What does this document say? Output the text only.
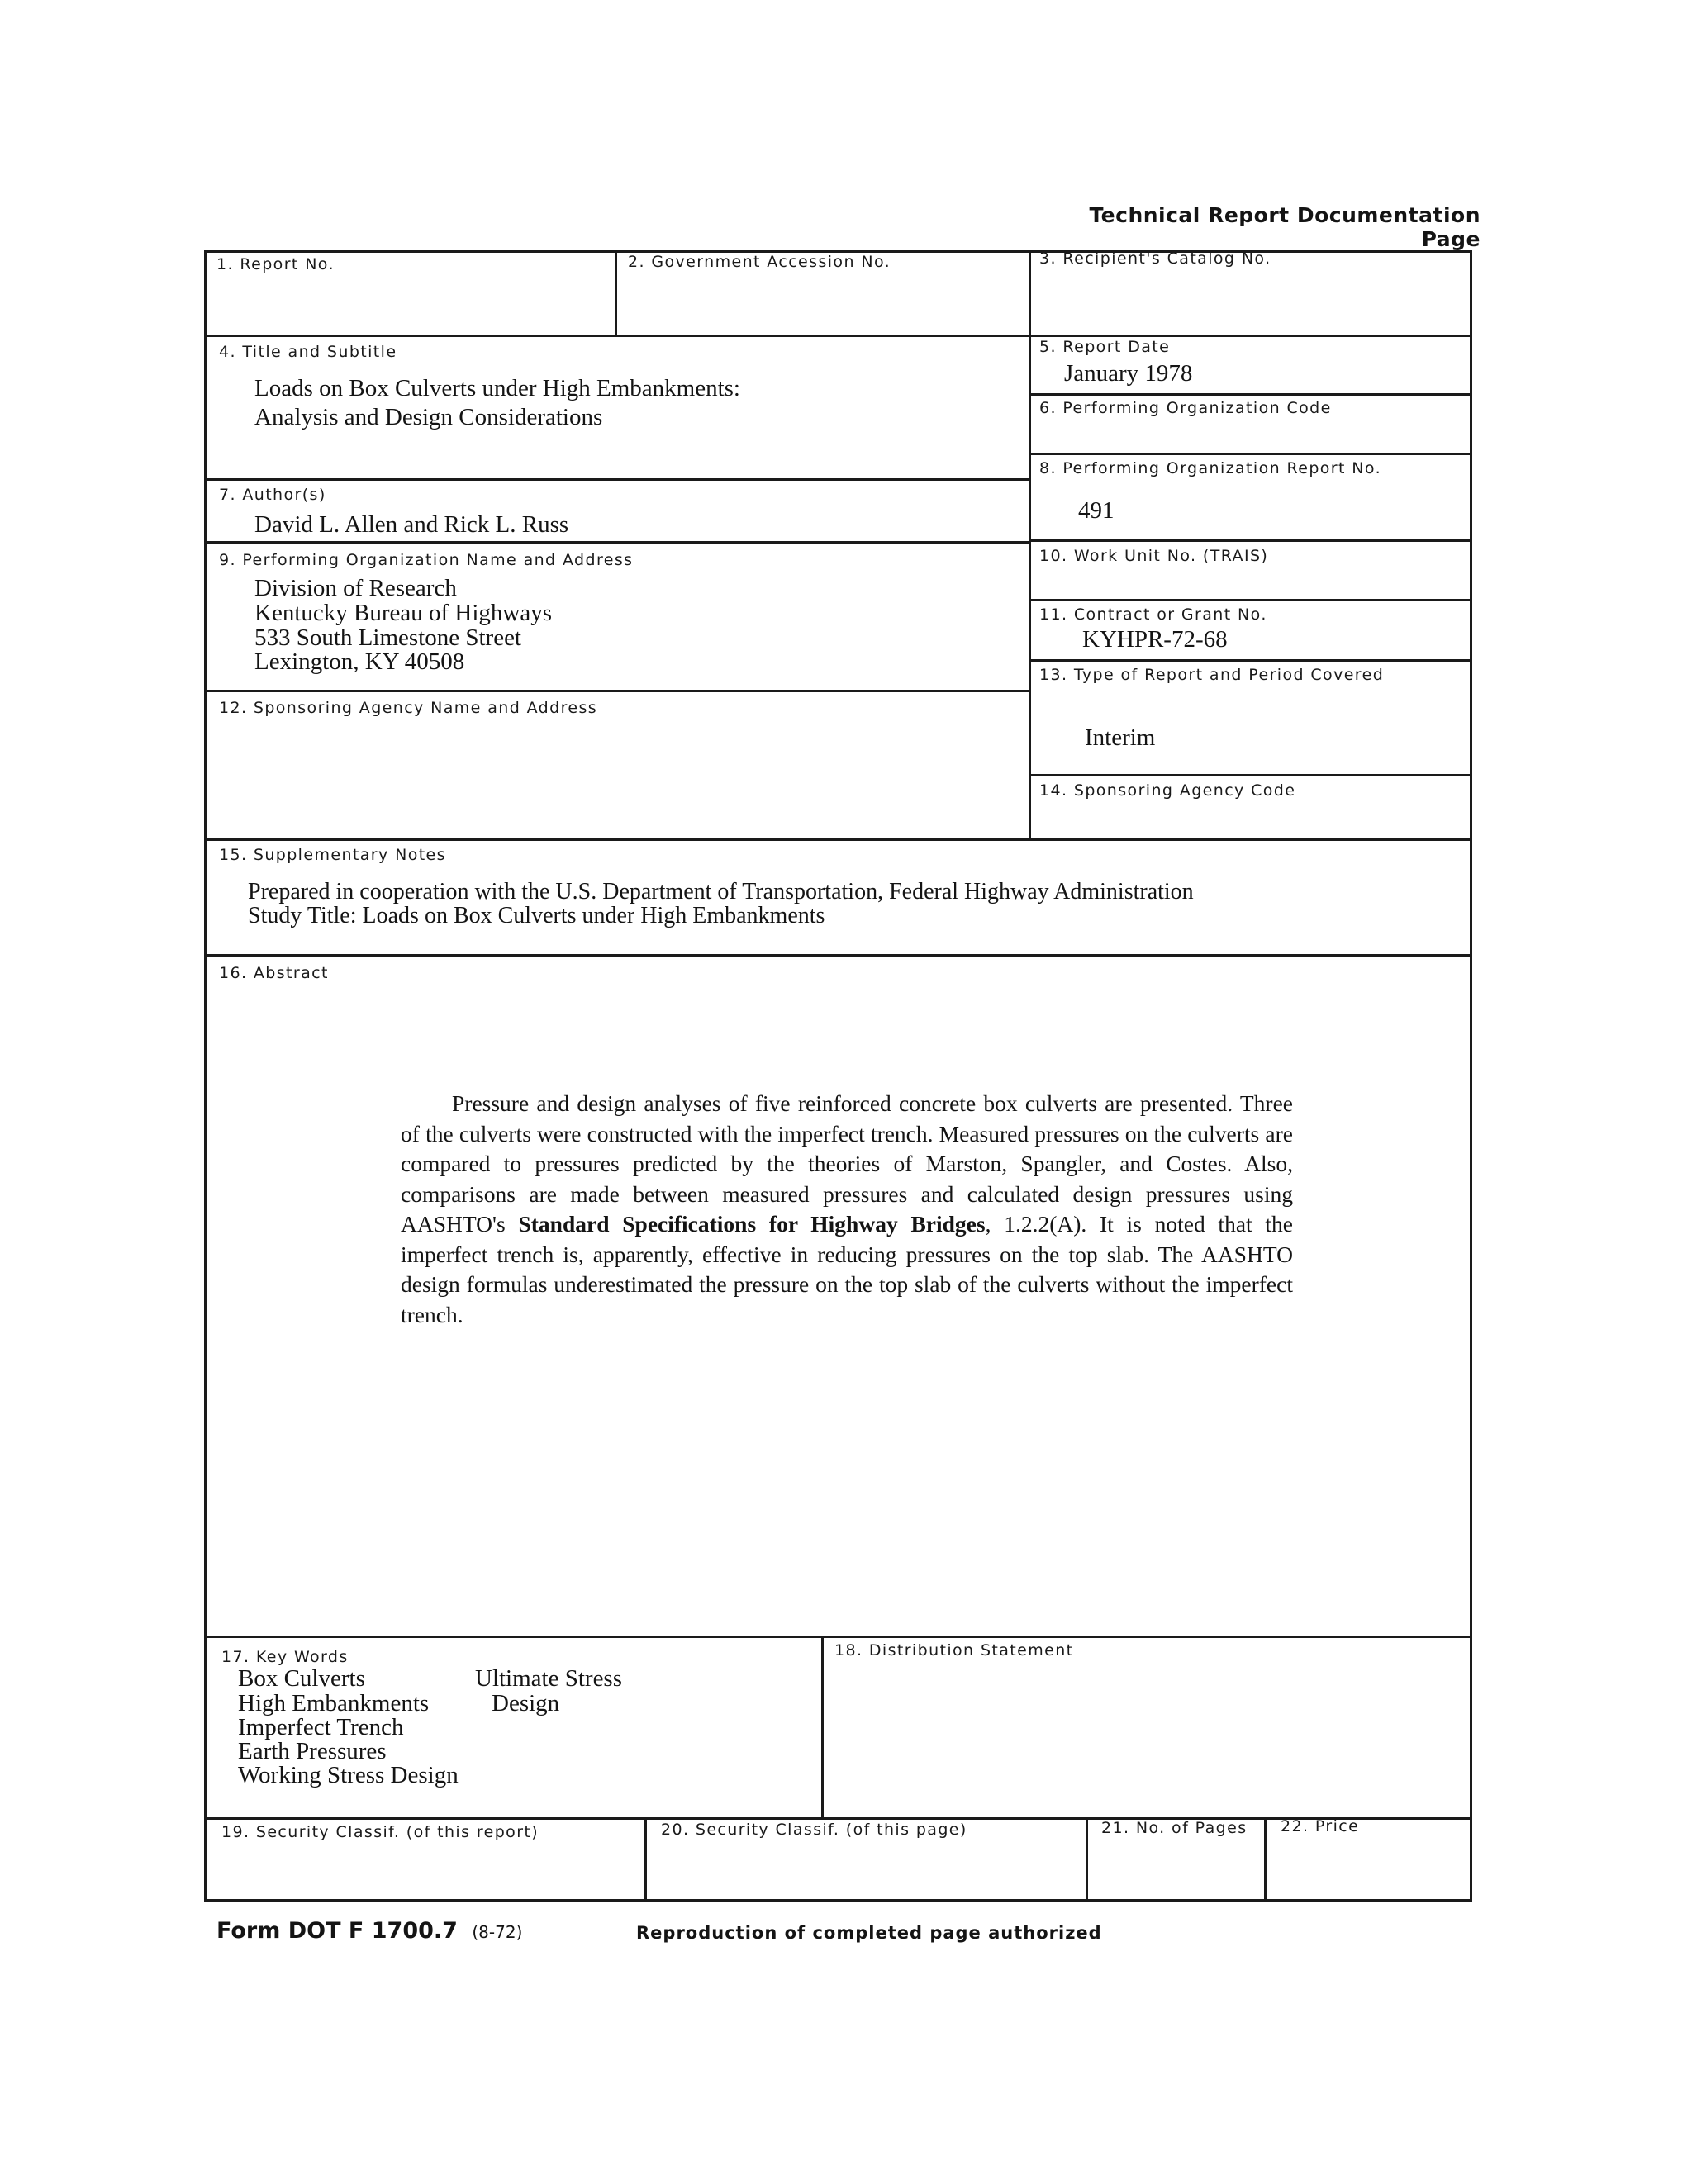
Technical Report Documentation Page
1. Report No.	2. Government Accession No.	3. Recipient's Catalog No.
4. Title and Subtitle
Loads on Box Culverts under High Embankments:
Analysis and Design Considerations
5. Report Date
January 1978
6. Performing Organization Code
7. Author(s)
David L. Allen and Rick L. Russ
8. Performing Organization Report No.
491
9. Performing Organization Name and Address
Division of Research
Kentucky Bureau of Highways
533 South Limestone Street
Lexington, KY 40508
10. Work Unit No. (TRAIS)
11. Contract or Grant No.
KYHPR-72-68
12. Sponsoring Agency Name and Address
13. Type of Report and Period Covered
Interim
14. Sponsoring Agency Code
15. Supplementary Notes
Prepared in cooperation with the U.S. Department of Transportation, Federal Highway Administration
Study Title: Loads on Box Culverts under High Embankments
16. Abstract
Pressure and design analyses of five reinforced concrete box culverts are presented. Three of the culverts were constructed with the imperfect trench. Measured pressures on the culverts are compared to pressures predicted by the theories of Marston, Spangler, and Costes. Also, comparisons are made between measured pressures and calculated design pressures using AASHTO's Standard Specifications for Highway Bridges, 1.2.2(A). It is noted that the imperfect trench is, apparently, effective in reducing pressures on the top slab. The AASHTO design formulas underestimated the pressure on the top slab of the culverts without the imperfect trench.
17. Key Words
Box Culverts
High Embankments
Imperfect Trench
Earth Pressures
Working Stress Design
Ultimate Stress
Design
18. Distribution Statement
19. Security Classif. (of this report)	20. Security Classif. (of this page)	21. No. of Pages 22. Price
Form DOT F 1700.7 (8-72)	Reproduction of completed page authorized
